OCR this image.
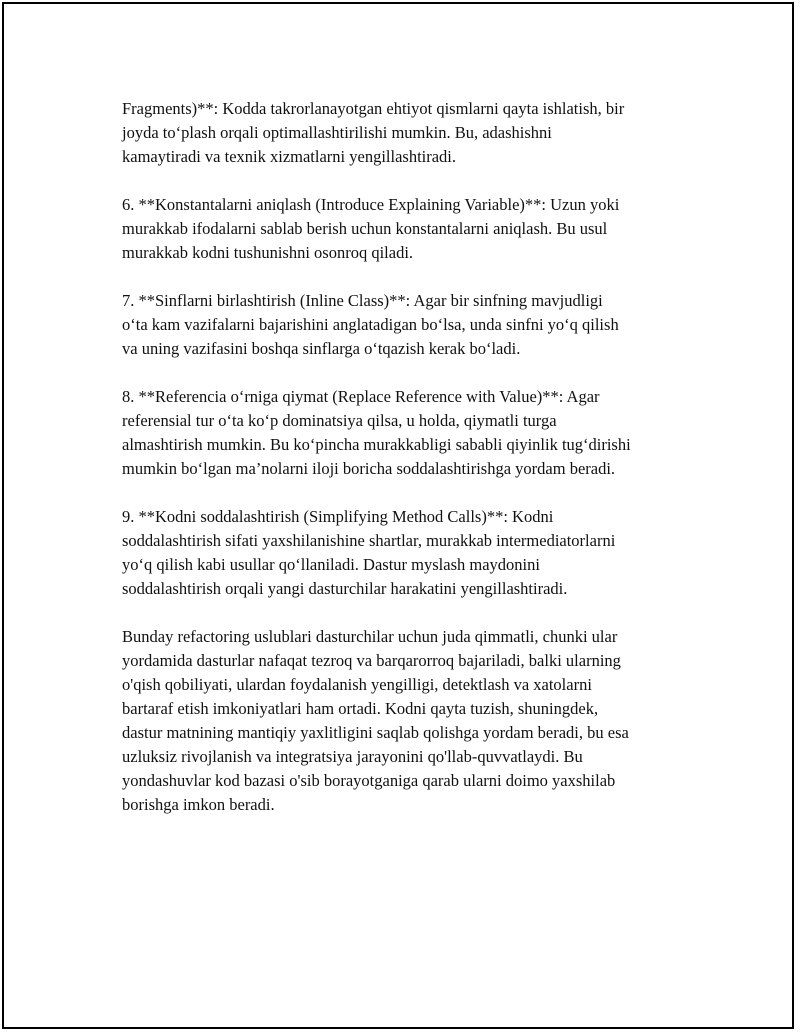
Fragments)**: Kodda takrorlanayotgan ehtiyot qismlarni qayta ishlatish, bir
joyda to‘plash orqali optimallashtirilishi mumkin. Bu, adashishni
kamaytiradi va texnik xizmatlarni yengillashtiradi.

6. **Konstantalarni aniqlash (Introduce Explaining Variable)**: Uzun yoki
murakkab ifodalarni sablab berish uchun konstantalarni aniqlash. Bu usul
murakkab kodni tushunishni osonroq qiladi.

7. **Sinflarni birlashtirish (Inline Class)**: Agar bir sinfning mavjudligi
o‘ta kam vazifalarni bajarishini anglatadigan bo‘lsa, unda sinfni yo‘q qilish
va uning vazifasini boshqa sinflarga o‘tqazish kerak bo‘ladi.

8. **Referencia o‘rniga qiymat (Replace Reference with Value)**: Agar
referensial tur o‘ta ko‘p dominatsiya qilsa, u holda, qiymatli turga
almashtirish mumkin. Bu ko‘pincha murakkabligi sababli qiyinlik tug‘dirishi
mumkin bo‘lgan ma’nolarni iloji boricha soddalashtirishga yordam beradi.

9. **Kodni soddalashtirish (Simplifying Method Calls)**: Kodni
soddalashtirish sifati yaxshilanishine shartlar, murakkab intermediatorlarni
yo‘q qilish kabi usullar qo‘llaniladi. Dastur myslash maydonini
soddalashtirish orqali yangi dasturchilar harakatini yengillashtiradi.

Bunday refactoring uslublari dasturchilar uchun juda qimmatli, chunki ular
yordamida dasturlar nafaqat tezroq va barqarorroq bajariladi, balki ularning
o'qish qobiliyati, ulardan foydalanish yengilligi, detektlash va xatolarni
bartaraf etish imkoniyatlari ham ortadi. Kodni qayta tuzish, shuningdek,
dastur matnining mantiqiy yaxlitligini saqlab qolishga yordam beradi, bu esa
uzluksiz rivojlanish va integratsiya jarayonini qo'llab-quvvatlaydi. Bu
yondashuvlar kod bazasi o'sib borayotganiga qarab ularni doimo yaxshilab
borishga imkon beradi.
